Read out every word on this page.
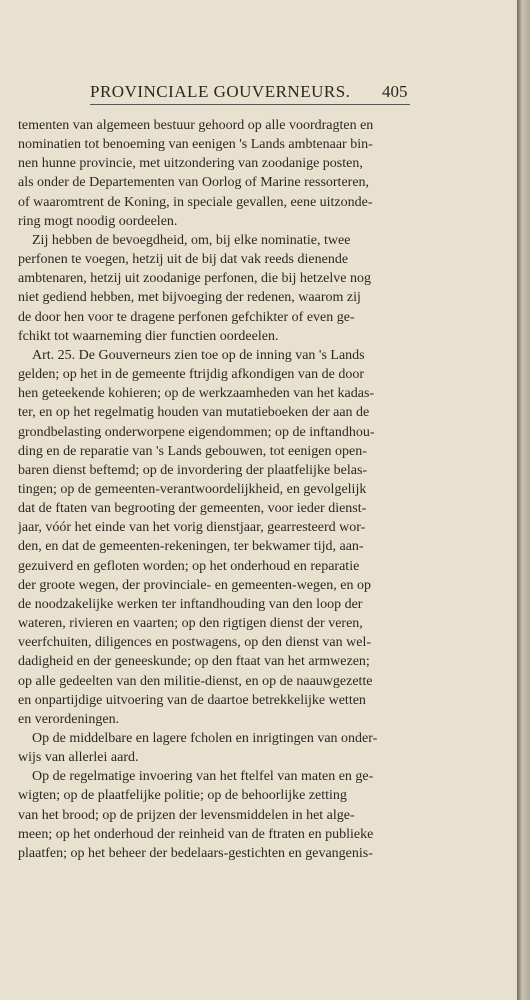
PROVINCIALE GOUVERNEURS. 405
tementen van algemeen bestuur gehoord op alle voordragten en
nominatien tot benoeming van eenigen 's Lands ambtenaar bin-
nen hunne provincie, met uitzondering van zoodanige posten,
als onder de Departementen van Oorlog of Marine ressorteren,
of waaromtrent de Koning, in speciale gevallen, eene uitzonde-
ring mogt noodig oordeelen.
Zij hebben de bevoegdheid, om, bij elke nominatie, twee
perfonen te voegen, hetzij uit de bij dat vak reeds dienende
ambtenaren, hetzij uit zoodanige perfonen, die bij hetzelve nog
niet gediend hebben, met bijvoeging der redenen, waarom zij
de door hen voor te dragene perfonen gefchikter of even ge-
fchikt tot waarneming dier functien oordeelen.
Art. 25. De Gouverneurs zien toe op de inning van 's Lands
gelden; op het in de gemeente ftrijdig afkondigen van de door
hen geteekende kohieren; op de werkzaamheden van het kadas-
ter, en op het regelmatig houden van mutatieboeken der aan de
grondbelasting onderworpene eigendommen; op de inftandhou-
ding en de reparatie van 's Lands gebouwen, tot eenigen open-
baren dienst beftemd; op de invordering der plaatfelijke belas-
tingen; op de gemeenten-verantwoordelijkheid, en gevolgelijk
dat de ftaten van begrooting der gemeenten, voor ieder dienst-
jaar, vóór het einde van het vorig dienstjaar, gearresteerd wor-
den, en dat de gemeenten-rekeningen, ter bekwamer tijd, aan-
gezuiverd en gefloten worden; op het onderhoud en reparatie
der groote wegen, der provinciale- en gemeenten-wegen, en op
de noodzakelijke werken ter inftandhouding van den loop der
wateren, rivieren en vaarten; op den rigtigen dienst der veren,
veerfchuiten, diligences en postwagens, op den dienst van wel-
dadigheid en der geneeskunde; op den ftaat van het armwezen;
op alle gedeelten van den militie-dienst, en op de naauwgezette
en onpartijdige uitvoering van de daartoe betrekkelijke wetten
en verordeningen.
Op de middelbare en lagere fcholen en inrigtingen van onder-
wijs van allerlei aard.
Op de regelmatige invoering van het ftelfel van maten en ge-
wigten; op de plaatfelijke politie; op de behoorlijke zetting
van het brood; op de prijzen der levensmiddelen in het alge-
meen; op het onderhoud der reinheid van de ftraten en publieke
plaatfen; op het beheer der bedelaars-gestichten en gevangenis-
